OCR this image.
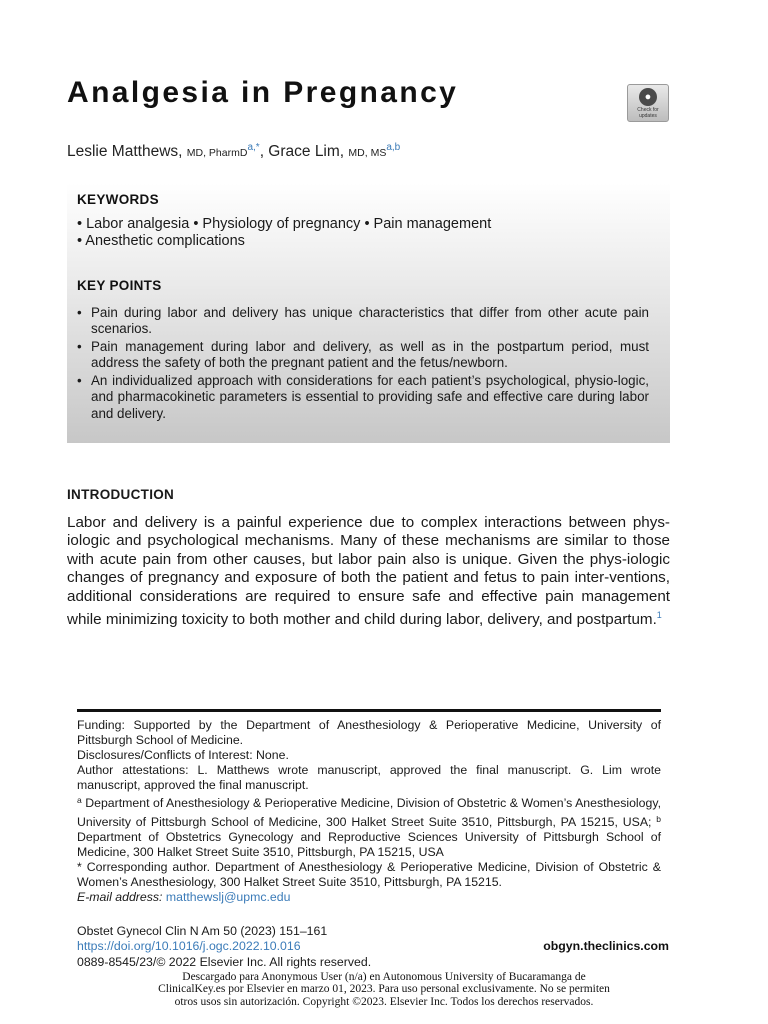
Analgesia in Pregnancy	●
Check for
updates
Leslie Matthews, MD, PharmD$^{a,*}$, Grace Lim, MD, MS$^{a,b}$
KEYWORDS
• Labor analgesia • Physiology of pregnancy • Pain management
• Anesthetic complications
KEY POINTS
• Pain during labor and delivery has unique characteristics that differ from other acute pain scenarios.
• Pain management during labor and delivery, as well as in the postpartum period, must address the safety of both the pregnant patient and the fetus/newborn.
• An individualized approach with considerations for each patient’s psychological, physio-logic, and pharmacokinetic parameters is essential to providing safe and effective care during labor and delivery.
INTRODUCTION

Labor and delivery is a painful experience due to complex interactions between phys-iologic and psychological mechanisms. Many of these mechanisms are similar to those with acute pain from other causes, but labor pain also is unique. Given the phys-iologic changes of pregnancy and exposure of both the patient and fetus to pain inter-ventions, additional considerations are required to ensure safe and effective pain management while minimizing toxicity to both mother and child during labor, delivery, and postpartum.$^1$

Funding: Supported by the Department of Anesthesiology & Perioperative Medicine, University of Pittsburgh School of Medicine.

Disclosures/Conflicts of Interest: None.

Author attestations: L. Matthews wrote manuscript, approved the final manuscript. G. Lim wrote manuscript, approved the final manuscript.

$^a$ Department of Anesthesiology & Perioperative Medicine, Division of Obstetric & Women’s Anesthesiology, University of Pittsburgh School of Medicine, 300 Halket Street Suite 3510, Pittsburgh, PA 15215, USA; $^b$ Department of Obstetrics Gynecology and Reproductive Sciences University of Pittsburgh School of Medicine, 300 Halket Street Suite 3510, Pittsburgh, PA 15215, USA

* Corresponding author. Department of Anesthesiology & Perioperative Medicine, Division of Obstetric & Women’s Anesthesiology, 300 Halket Street Suite 3510, Pittsburgh, PA 15215.

E-mail address: matthewslj@upmc.edu

Obstet Gynecol Clin N Am 50 (2023) 151–161
https://doi.org/10.1016/j.ogc.2022.10.016
0889-8545/23/© 2022 Elsevier Inc. All rights reserved.
obgyn.theclinics.com
Descargado para Anonymous User (n/a) en Autonomous University of Bucaramanga de ClinicalKey.es por Elsevier en marzo 01, 2023. Para uso personal exclusivamente. No se permiten otros usos sin autorización. Copyright ©2023. Elsevier Inc. Todos los derechos reservados.
